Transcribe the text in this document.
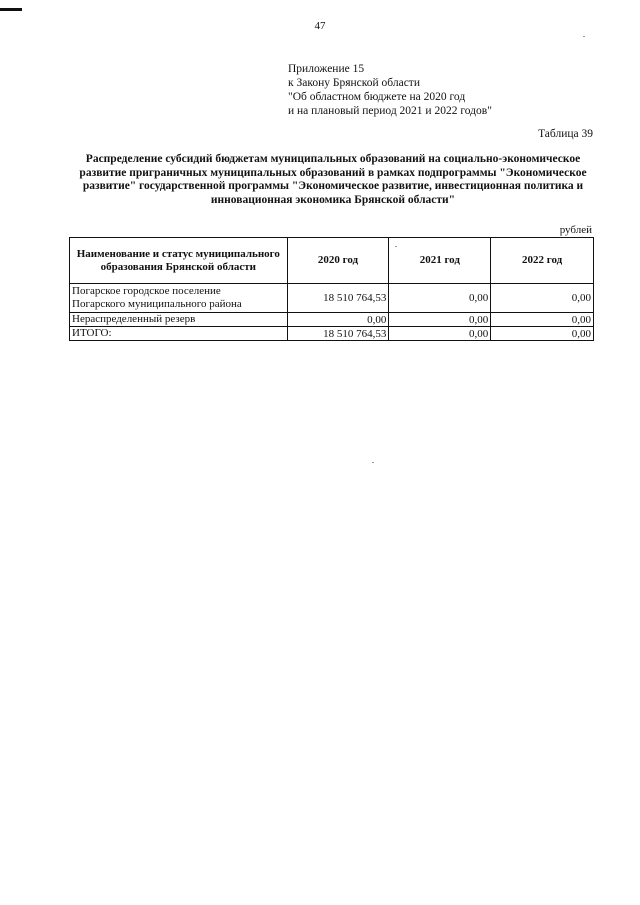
47
Приложение 15
к Закону Брянской области
"Об областном бюджете на 2020 год
и на плановый период 2021 и 2022 годов"
Таблица 39
Распределение субсидий бюджетам муниципальных образований на социально-экономическое развитие приграничных муниципальных образований в рамках подпрограммы "Экономическое развитие" государственной программы "Экономическое развитие, инвестиционная политика и инновационная экономика Брянской области"
рублей
Наименование и статус муниципального образования Брянской области	2020 год	2021 год	2022 год

Погарское городское поселение
Погарского муниципального района	18 510 764,53	0,00	0,00
Нераспределенный резерв	0,00	0,00	0,00
ИТОГО:	18 510 764,53	0,00	0,00
